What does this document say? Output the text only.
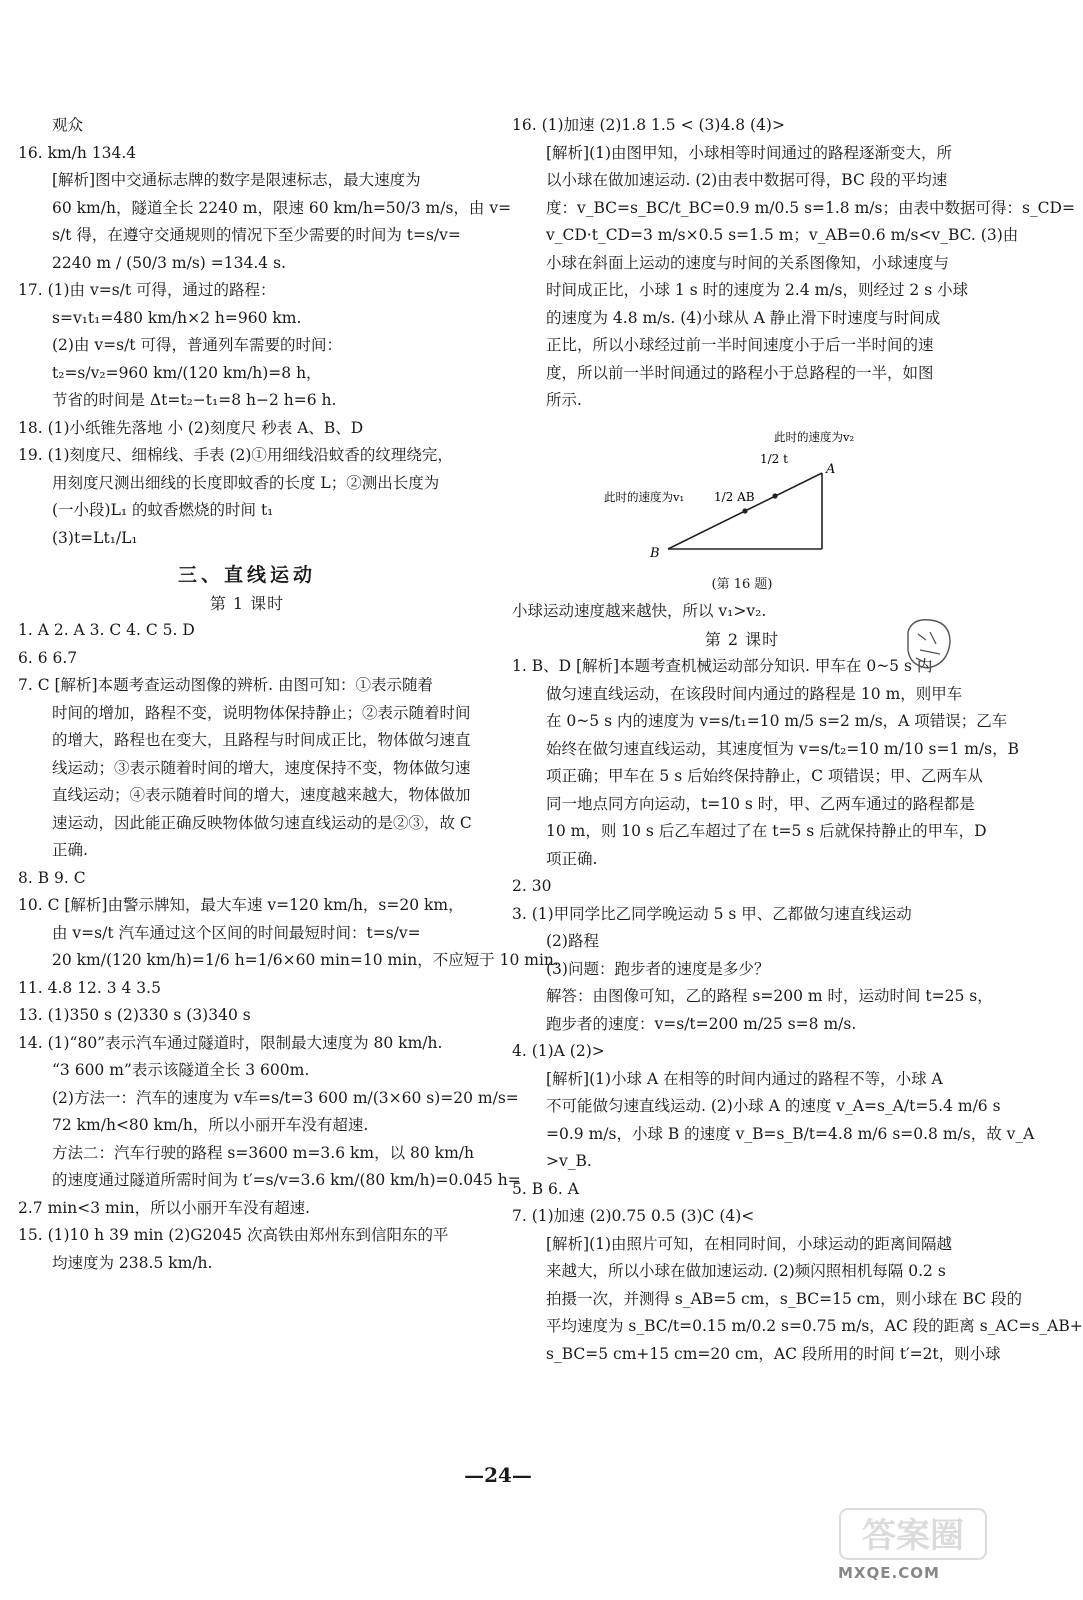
观众
16. km/h 134.4
[解析]图中交通标志牌的数字是限速标志，最大速度为
60 km/h，隧道全长 2240 m，限速 60 km/h=50/3 m/s，由 v=
s/t 得，在遵守交通规则的情况下至少需要的时间为 t=s/v=
2240 m / (50/3 m/s) =134.4 s.
17. (1)由 v=s/t 可得，通过的路程：
s=v₁t₁=480 km/h×2 h=960 km.
(2)由 v=s/t 可得，普通列车需要的时间：
t₂=s/v₂=960 km/(120 km/h)=8 h，
节省的时间是 Δt=t₂−t₁=8 h−2 h=6 h.
18. (1)小纸锥先落地 小 (2)刻度尺 秒表 A、B、D
19. (1)刻度尺、细棉线、手表 (2)①用细线沿蚊香的纹理绕完，
用刻度尺测出细线的长度即蚊香的长度 L；②测出长度为
(一小段)L₁ 的蚊香燃烧的时间 t₁
(3)t=Lt₁/L₁
三、直线运动
第 1 课时
1. A 2. A 3. C 4. C 5. D
6. 6 6.7
7. C [解析]本题考查运动图像的辨析. 由图可知：①表示随着
时间的增加，路程不变，说明物体保持静止；②表示随着时间
的增大，路程也在变大，且路程与时间成正比，物体做匀速直
线运动；③表示随着时间的增大，速度保持不变，物体做匀速
直线运动；④表示随着时间的增大，速度越来越大，物体做加
速运动，因此能正确反映物体做匀速直线运动的是②③，故 C
正确.
8. B 9. C
10. C [解析]由警示牌知，最大车速 v=120 km/h，s=20 km，
由 v=s/t 汽车通过这个区间的时间最短时间：t=s/v=
20 km/(120 km/h)=1/6 h=1/6×60 min=10 min，不应短于 10 min.
11. 4.8 12. 3 4 3.5
13. (1)350 s (2)330 s (3)340 s
14. (1)“80”表示汽车通过隧道时，限制最大速度为 80 km/h.
“3 600 m”表示该隧道全长 3 600m.
(2)方法一：汽车的速度为 v车=s/t=3 600 m/(3×60 s)=20 m/s=
72 km/h<80 km/h，所以小丽开车没有超速.
方法二：汽车行驶的路程 s=3600 m=3.6 km，以 80 km/h
的速度通过隧道所需时间为 t′=s/v=3.6 km/(80 km/h)=0.045 h=
2.7 min<3 min，所以小丽开车没有超速.
15. (1)10 h 39 min (2)G2045 次高铁由郑州东到信阳东的平
均速度为 238.5 km/h.
16. (1)加速 (2)1.8 1.5 < (3)4.8 (4)>
[解析](1)由图甲知，小球相等时间通过的路程逐渐变大，所
以小球在做加速运动. (2)由表中数据可得，BC 段的平均速
度：v_BC=s_BC/t_BC=0.9 m/0.5 s=1.8 m/s；由表中数据可得：s_CD=
v_CD·t_CD=3 m/s×0.5 s=1.5 m；v_AB=0.6 m/s<v_BC. (3)由
小球在斜面上运动的速度与时间的关系图像知，小球速度与
时间成正比，小球 1 s 时的速度为 2.4 m/s，则经过 2 s 小球
的速度为 4.8 m/s. (4)小球从 A 静止滑下时速度与时间成
正比，所以小球经过前一半时间速度小于后一半时间的速
度，所以前一半时间通过的路程小于总路程的一半，如图
所示.
此时的速度为v₂
1/2 t
A
此时的速度为v₁ 1/2 AB
B
(第 16 题)
小球运动速度越来越快，所以 v₁>v₂.
第 2 课时
1. B、D [解析]本题考查机械运动部分知识. 甲车在 0~5 s 内
做匀速直线运动，在该段时间内通过的路程是 10 m，则甲车
在 0~5 s 内的速度为 v=s/t₁=10 m/5 s=2 m/s，A 项错误；乙车
始终在做匀速直线运动，其速度恒为 v=s/t₂=10 m/10 s=1 m/s，B
项正确；甲车在 5 s 后始终保持静止，C 项错误；甲、乙两车从
同一地点同方向运动，t=10 s 时，甲、乙两车通过的路程都是
10 m，则 10 s 后乙车超过了在 t=5 s 后就保持静止的甲车，D
项正确.
2. 30
3. (1)甲同学比乙同学晚运动 5 s 甲、乙都做匀速直线运动
(2)路程
(3)问题：跑步者的速度是多少？
解答：由图像可知，乙的路程 s=200 m 时，运动时间 t=25 s，
跑步者的速度：v=s/t=200 m/25 s=8 m/s.
4. (1)A (2)>
[解析](1)小球 A 在相等的时间内通过的路程不等，小球 A
不可能做匀速直线运动. (2)小球 A 的速度 v_A=s_A/t=5.4 m/6 s
=0.9 m/s，小球 B 的速度 v_B=s_B/t=4.8 m/6 s=0.8 m/s，故 v_A
>v_B.
5. B 6. A
7. (1)加速 (2)0.75 0.5 (3)C (4)<
[解析](1)由照片可知，在相同时间，小球运动的距离间隔越
来越大，所以小球在做加速运动. (2)频闪照相机每隔 0.2 s
拍摄一次，并测得 s_AB=5 cm，s_BC=15 cm，则小球在 BC 段的
平均速度为 s_BC/t=0.15 m/0.2 s=0.75 m/s，AC 段的距离 s_AC=s_AB+
s_BC=5 cm+15 cm=20 cm，AC 段所用的时间 t′=2t，则小球
—24—
答案圈
MXQE.COM
